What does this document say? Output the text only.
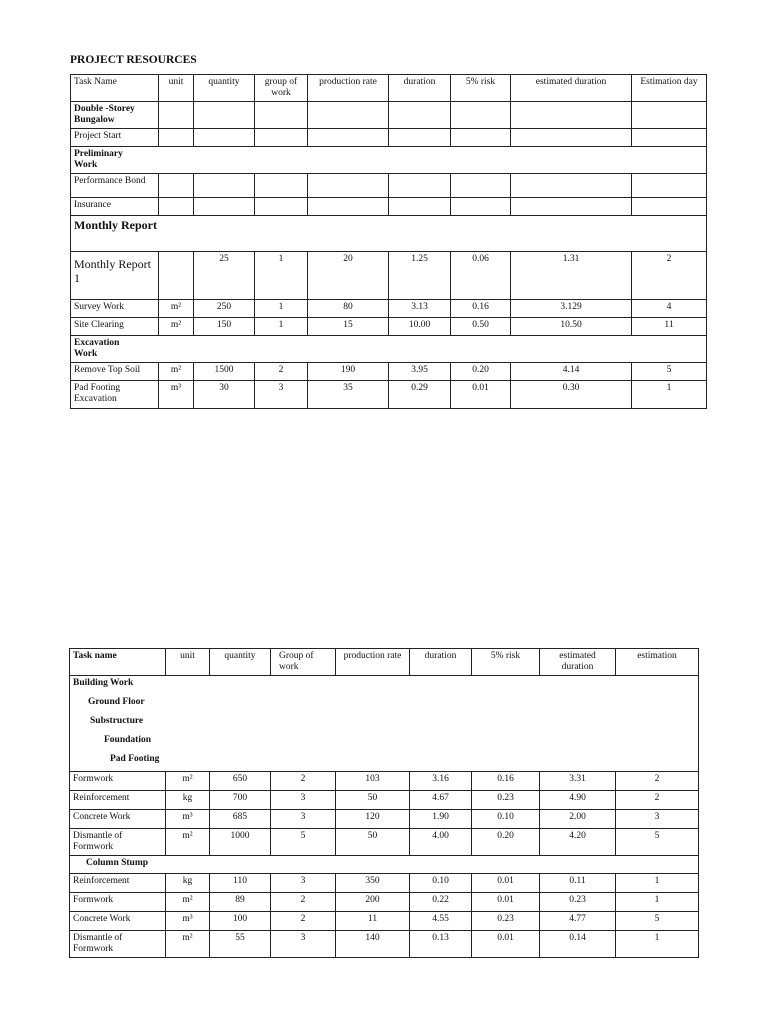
PROJECT RESOURCES
Task Name	unit	quantity	group of work	production rate	duration	5% risk	estimated duration	Estimation day
Double -Storey Bungalow								
Project Start								
Preliminary Work								
Performance Bond								
Insurance								
Monthly Report								
Monthly Report 1		25	1	20	1.25	0.06	1.31	2
Survey Work	m²	250	1	80	3.13	0.16	3.129	4
Site Clearing	m²	150	1	15	10.00	0.50	10.50	11
Excavation Work								
Remove Top Soil	m²	1500	2	190	3.95	0.20	4.14	5
Pad Footing Excavation	m³	30	3	35	0.29	0.01	0.30	1
Task name	unit	quantity	Group of work	production rate	duration	5% risk	estimated duration	estimation
Building Work								
Ground Floor								
Substructure								
Foundation								
Pad Footing								
Formwork	m²	650	2	103	3.16	0.16	3.31	2
Reinforcement	kg	700	3	50	4.67	0.23	4.90	2
Concrete Work	m³	685	3	120	1.90	0.10	2.00	3
Dismantle of Formwork	m²	1000	5	50	4.00	0.20	4.20	5
Column Stump								
Reinforcement	kg	110	3	350	0.10	0.01	0.11	1
Formwork	m²	89	2	200	0.22	0.01	0.23	1
Concrete Work	m³	100	2	11	4.55	0.23	4.77	5
Dismantle of Formwork	m²	55	3	140	0.13	0.01	0.14	1
